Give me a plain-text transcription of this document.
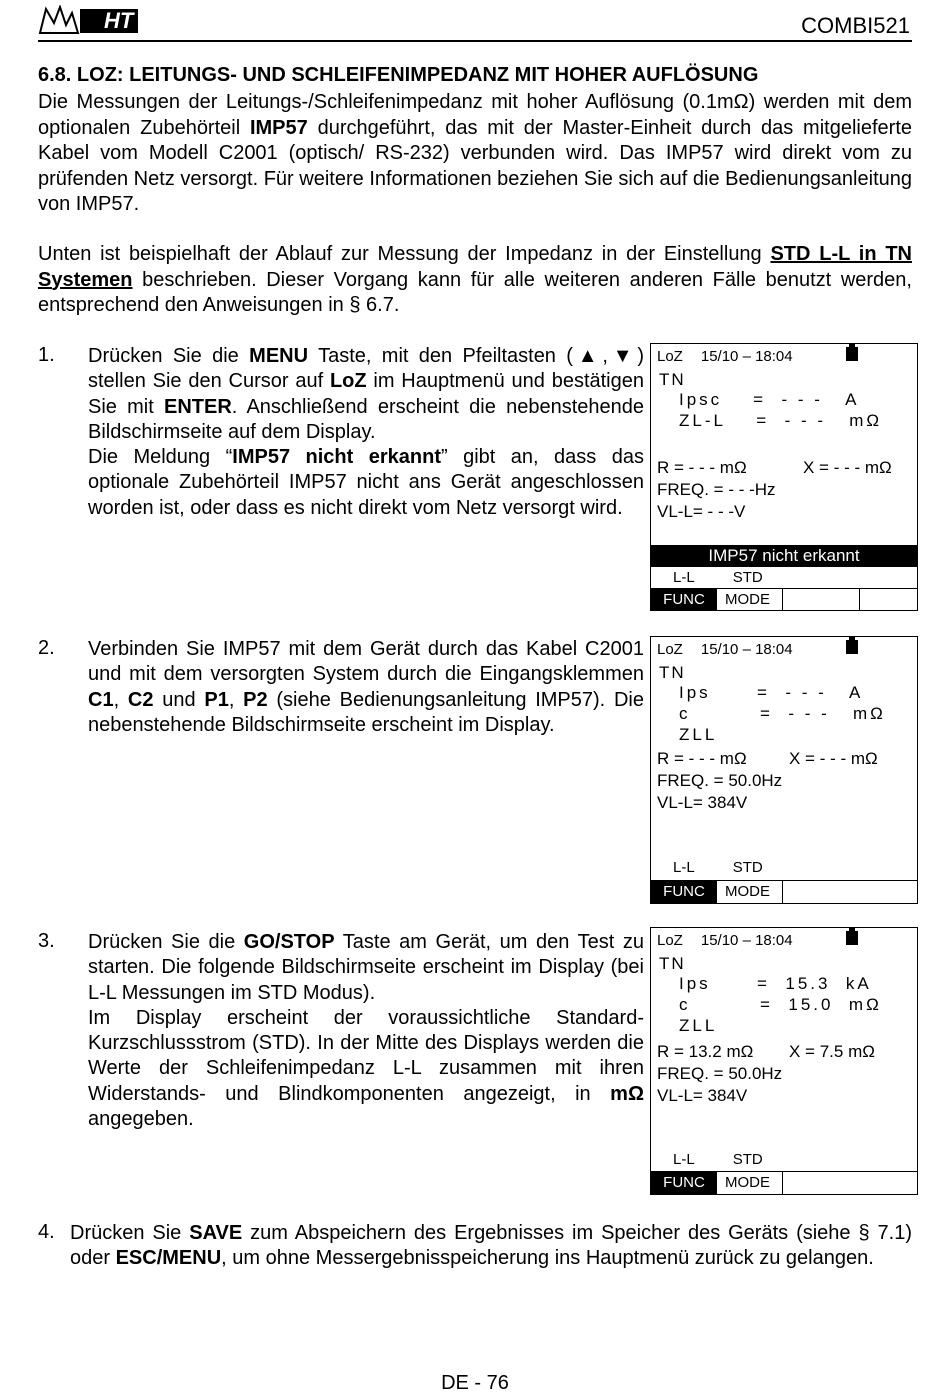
HT	COMBI521
6.8. LOZ: LEITUNGS- UND SCHLEIFENIMPEDANZ MIT HOHER AUFLÖSUNG

Die Messungen der Leitungs-/Schleifenimpedanz mit hoher Auflösung (0.1mΩ) werden mit dem optionalen Zubehörteil IMP57 durchgeführt, das mit der Master-Einheit durch das mitgelieferte Kabel vom Modell C2001 (optisch/ RS-232) verbunden wird. Das IMP57 wird direkt vom zu prüfenden Netz versorgt. Für weitere Informationen beziehen Sie sich auf die Bedienungsanleitung von IMP57.

Unten ist beispielhaft der Ablauf zur Messung der Impedanz in der Einstellung STD L-L in TN Systemen beschrieben. Dieser Vorgang kann für alle weiteren anderen Fälle benutzt werden, entsprechend den Anweisungen in § 6.7.

1. Drücken Sie die MENU Taste, mit den Pfeiltasten (▲,▼) stellen Sie den Cursor auf LoZ im Hauptmenü und bestätigen Sie mit ENTER. Anschließend erscheint die nebenstehende Bildschirmseite auf dem Display.

Die Meldung “IMP57 nicht erkannt” gibt an, dass das optionale Zubehörteil IMP57 nicht ans Gerät angeschlossen worden ist, oder dass es nicht direkt vom Netz versorgt wird.

LoZ 15/10 – 18:04
TN
Ipsc    =  - - -   A
ZL-L    =  - - -   mΩ
R = - - - mΩ	X = - - - mΩ
FREQ. = - - -Hz
VL-L= - - -V
IMP57 nicht erkannt
L-L	STD
FUNC	MODE
2. Verbinden Sie IMP57 mit dem Gerät durch das Kabel C2001 und mit dem versorgten System durch die Eingangsklemmen C1, C2 und P1, P2 (siehe Bedienungsanleitung IMP57). Die nebenstehende Bildschirmseite erscheint im Display.

LoZ 15/10 – 18:04
TN
Ips      =  - - -   A
c         =  - - -   mΩ
ZLL
R = - - - mΩ X = - - - mΩ
FREQ. = 50.0Hz
VL-L= 384V
L-L	STD
FUNC	MODE
3. Drücken Sie die GO/STOP Taste am Gerät, um den Test zu starten. Die folgende Bildschirmseite erscheint im Display (bei L-L Messungen im STD Modus).

Im Display erscheint der voraussichtliche Standard-Kurzschlussstrom (STD). In der Mitte des Displays werden die Werte der Schleifenimpedanz L-L zusammen mit ihren Widerstands- und Blindkomponenten angezeigt, in mΩ angegeben.

LoZ 15/10 – 18:04
TN
Ips      =  15.3  kA
c         =  15.0  mΩ
ZLL
R = 13.2 mΩ X = 7.5 mΩ
FREQ. = 50.0Hz
VL-L= 384V
L-L	STD
FUNC	MODE
4. Drücken Sie SAVE zum Abspeichern des Ergebnisses im Speicher des Geräts (siehe § 7.1) oder ESC/MENU, um ohne Messergebnisspeicherung ins Hauptmenü zurück zu gelangen.

DE - 76
